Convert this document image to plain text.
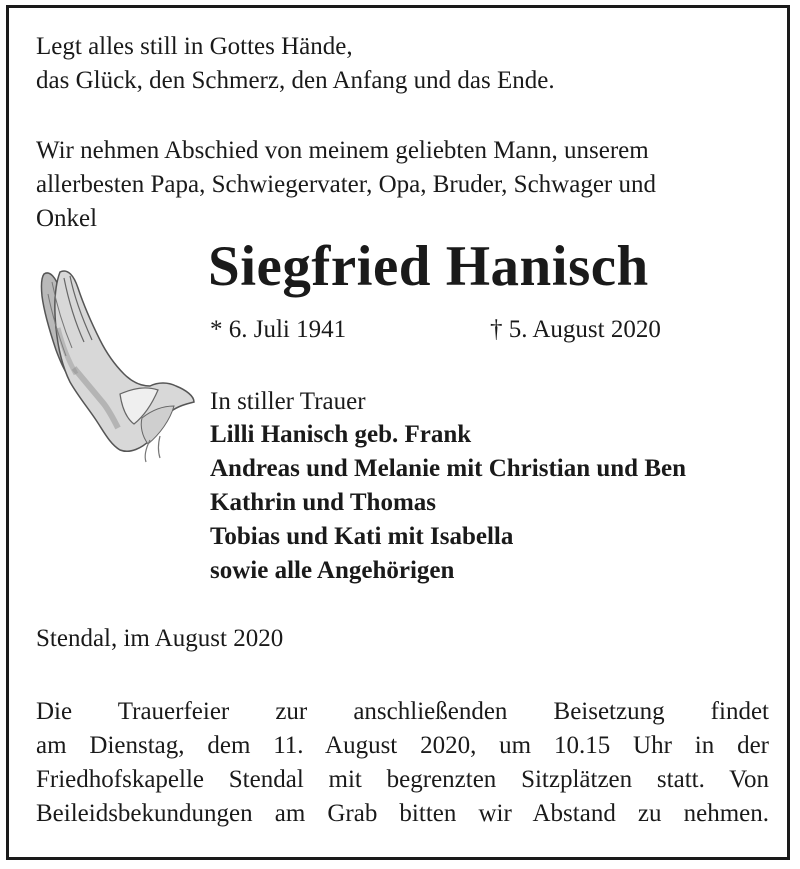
Legt alles still in Gottes Hände,
das Glück, den Schmerz, den Anfang und das Ende.

Wir nehmen Abschied von meinem geliebten Mann, unserem
allerbesten Papa, Schwiegervater, Opa, Bruder, Schwager und
Onkel

Siegfried Hanisch

* 6. Juli 1941	† 5. August 2020

In stiller Trauer

Lilli Hanisch geb. Frank
Andreas und Melanie mit Christian und Ben
Kathrin und Thomas
Tobias und Kati mit Isabella
sowie alle Angehörigen

Stendal, im August 2020

Die Trauerfeier zur anschließenden Beisetzung findet
am Dienstag, dem 11. August 2020, um 10.15 Uhr in der
Friedhofskapelle Stendal mit begrenzten Sitzplätzen statt. Von
Beileidsbekundungen am Grab bitten wir Abstand zu nehmen.
